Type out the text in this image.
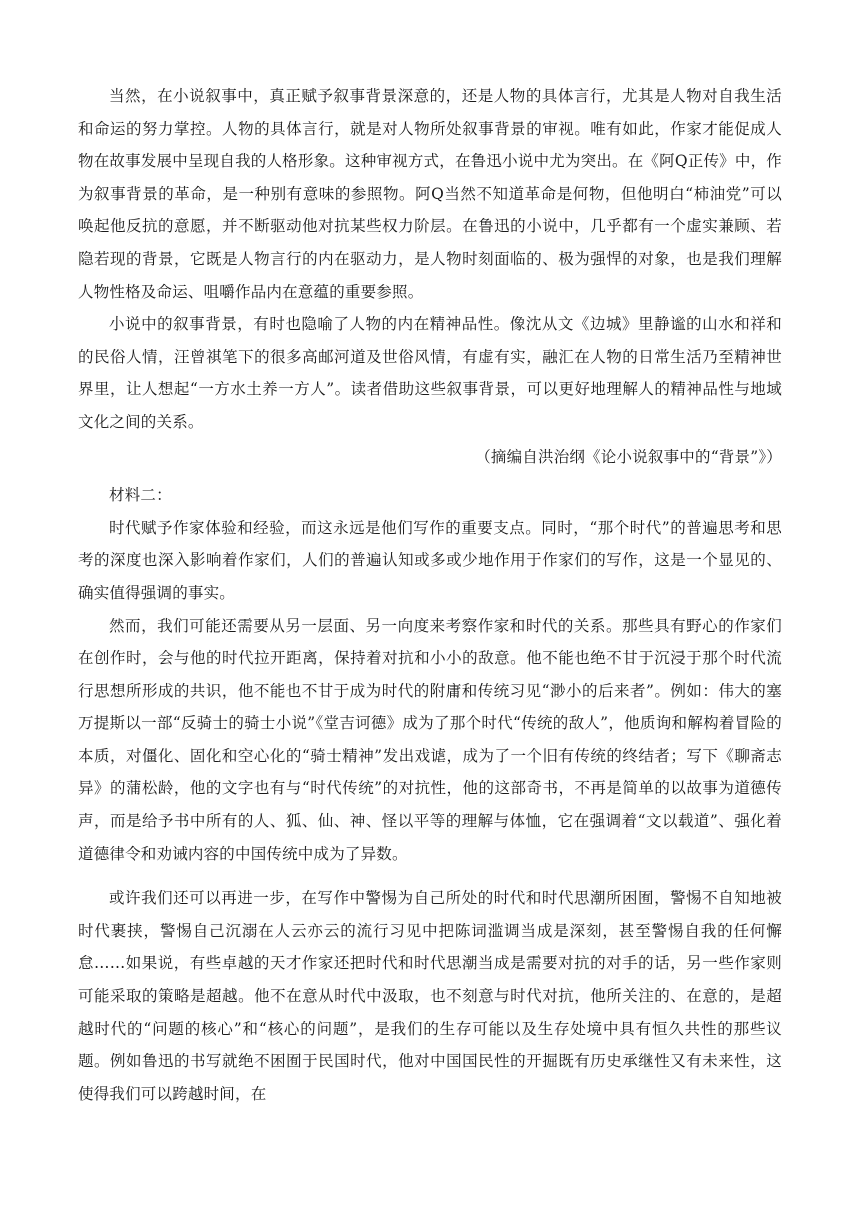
当然，在小说叙事中，真正赋予叙事背景深意的，还是人物的具体言行，尤其是人物对自我生活和命运的努力掌控。人物的具体言行，就是对人物所处叙事背景的审视。唯有如此，作家才能促成人物在故事发展中呈现自我的人格形象。这种审视方式，在鲁迅小说中尤为突出。在《阿Q正传》中，作为叙事背景的革命，是一种别有意味的参照物。阿Q当然不知道革命是何物，但他明白“柿油党”可以唤起他反抗的意愿，并不断驱动他对抗某些权力阶层。在鲁迅的小说中，几乎都有一个虚实兼顾、若隐若现的背景，它既是人物言行的内在驱动力，是人物时刻面临的、极为强悍的对象，也是我们理解人物性格及命运、咀嚼作品内在意蕴的重要参照。

小说中的叙事背景，有时也隐喻了人物的内在精神品性。像沈从文《边城》里静谧的山水和祥和的民俗人情，汪曾祺笔下的很多高邮河道及世俗风情，有虚有实，融汇在人物的日常生活乃至精神世界里，让人想起“一方水土养一方人”。读者借助这些叙事背景，可以更好地理解人的精神品性与地域文化之间的关系。

（摘编自洪治纲《论小说叙事中的“背景”》）

材料二：

时代赋予作家体验和经验，而这永远是他们写作的重要支点。同时，“那个时代”的普遍思考和思考的深度也深入影响着作家们，人们的普遍认知或多或少地作用于作家们的写作，这是一个显见的、确实值得强调的事实。

然而，我们可能还需要从另一层面、另一向度来考察作家和时代的关系。那些具有野心的作家们在创作时，会与他的时代拉开距离，保持着对抗和小小的敌意。他不能也绝不甘于沉浸于那个时代流行思想所形成的共识，他不能也不甘于成为时代的附庸和传统习见“渺小的后来者”。例如：伟大的塞万提斯以一部“反骑士的骑士小说”《堂吉诃德》成为了那个时代“传统的敌人”，他质询和解构着冒险的本质，对僵化、固化和空心化的“骑士精神”发出戏谑，成为了一个旧有传统的终结者；写下《聊斋志异》的蒲松龄，他的文字也有与“时代传统”的对抗性，他的这部奇书，不再是简单的以故事为道德传声，而是给予书中所有的人、狐、仙、神、怪以平等的理解与体恤，它在强调着“文以载道”、强化着道德律令和劝诫内容的中国传统中成为了异数。

或许我们还可以再进一步，在写作中警惕为自己所处的时代和时代思潮所困囿，警惕不自知地被时代裹挟，警惕自己沉溺在人云亦云的流行习见中把陈词滥调当成是深刻，甚至警惕自我的任何懈怠……如果说，有些卓越的天才作家还把时代和时代思潮当成是需要对抗的对手的话，另一些作家则可能采取的策略是超越。他不在意从时代中汲取，也不刻意与时代对抗，他所关注的、在意的，是超越时代的“问题的核心”和“核心的问题”，是我们的生存可能以及生存处境中具有恒久共性的那些议题。例如鲁迅的书写就绝不困囿于民国时代，他对中国国民性的开掘既有历史承继性又有未来性，这使得我们可以跨越时间，在
